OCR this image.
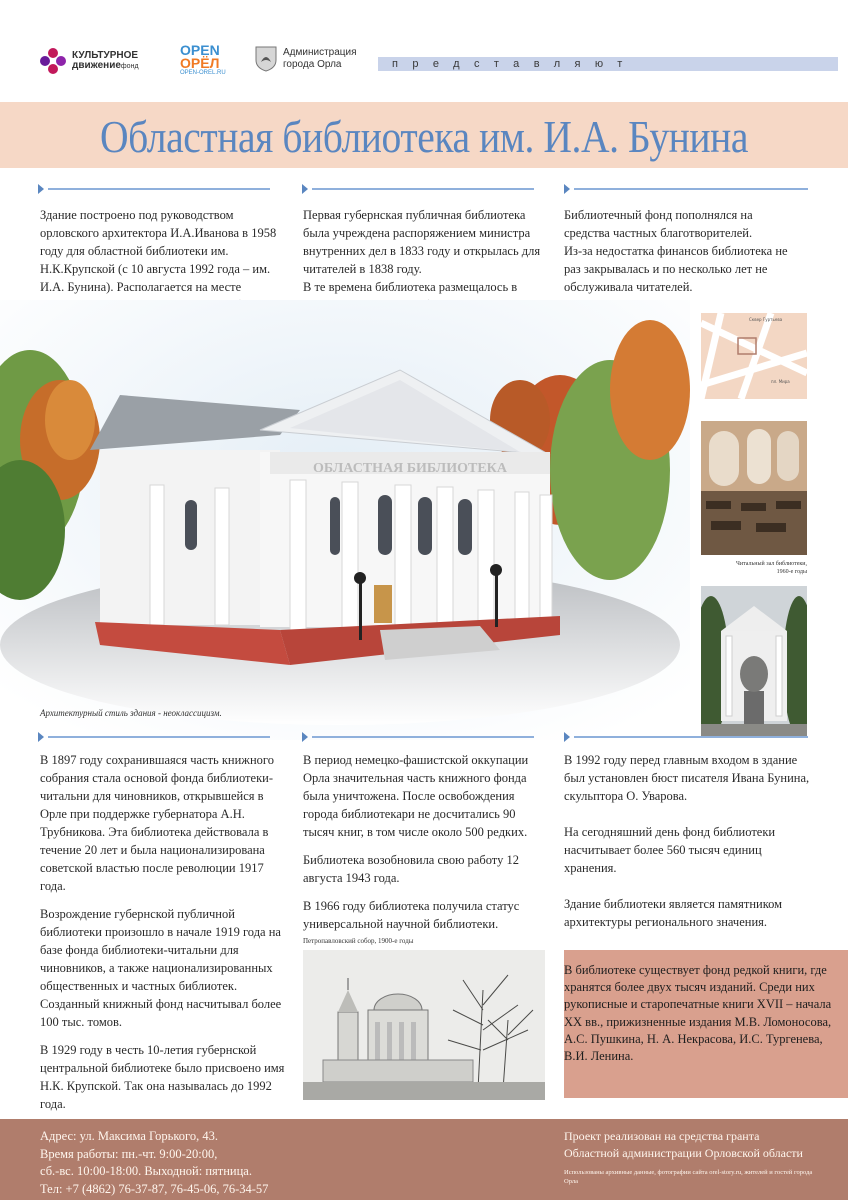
КУЛЬТУРНОЕ
движениефонд
OPEN
ОРЁЛ
OPEN-OREL.RU
Администрация
города Орла	представляют
Областная библиотека им. И.А. Бунина

Здание построено под руководством орловского архитектора И.А.Иванова в 1958 году для областной библиотеки им. Н.К.Крупской (с 10 августа 1992 года – им. И.А. Бунина). Располагается на месте

Первая губернская публичная библиотека была учреждена распоряжением министра внутренних дел в 1833 году и открылась для читателей в 1838 году.

В те времена библиотека размещалось в

Библиотечный фонд пополнялся на средства частных благотворителей.

Из-за недостатка финансов библиотека не раз закрывалась и по несколько лет не обслуживала читателей.

ОБЛАСТНАЯ БИБЛИОТЕКА
Архитектурный стиль здания - неоклассицизм.
Сквер Гуртьева
пл. Мира
Читальный зал библиотеки,
1960-е годы

В 1897 году сохранившаяся часть книжного собрания стала основой фонда библиотеки-читальни для чиновников, открывшейся в Орле при поддержке губернатора А.Н. Трубникова. Эта библиотека действовала в течение 20 лет и была национализирована советской властью после революции 1917 года.

Возрождение губернской публичной библиотеки произошло в начале 1919 года на базе фонда библиотеки-читальни для чиновников, а также национализированных общественных и частных библиотек. Созданный книжный фонд насчитывал более 100 тыс. томов.

В 1929 году в честь 10-летия губернской центральной библиотеке было присвоено имя Н.К. Крупской. Так она называлась до 1992 года.

В период немецко-фашистской оккупации Орла значительная часть книжного фонда была уничтожена. После освобождения города библиотекари не досчитались 90 тысяч книг, в том числе около 500 редких.

Библиотека возобновила свою работу 12 августа 1943 года.

В 1966 году библиотека получила статус универсальной научной библиотеки.

Петропавловский собор, 1900-е годы

В 1992 году перед главным входом в здание был установлен бюст писателя Ивана Бунина, скульптора О. Уварова.

На сегодняшний день фонд библиотеки насчитывает более 560 тысяч единиц хранения.

Здание библиотеки является памятником архитектуры регионального значения.

В библиотеке существует фонд редкой книги, где хранятся более двух тысяч изданий. Среди них рукописные и старопечатные книги XVII – начала XX вв., прижизненные издания М.В. Ломоносова, А.С. Пушкина, Н. А. Некрасова, И.С. Тургенева, В.И. Ленина.

Адрес: ул. Максима Горького, 43.
Время работы: пн.-чт. 9:00-20:00,
сб.-вс. 10:00-18:00. Выходной: пятница.
Тел: +7 (4862) 76-37-87, 76-45-06, 76-34-57
Проект реализован на средства гранта
Областной администрации Орловской области
Использованы архивные данные, фотографии сайта orel-story.ru, жителей и гостей города Орла
